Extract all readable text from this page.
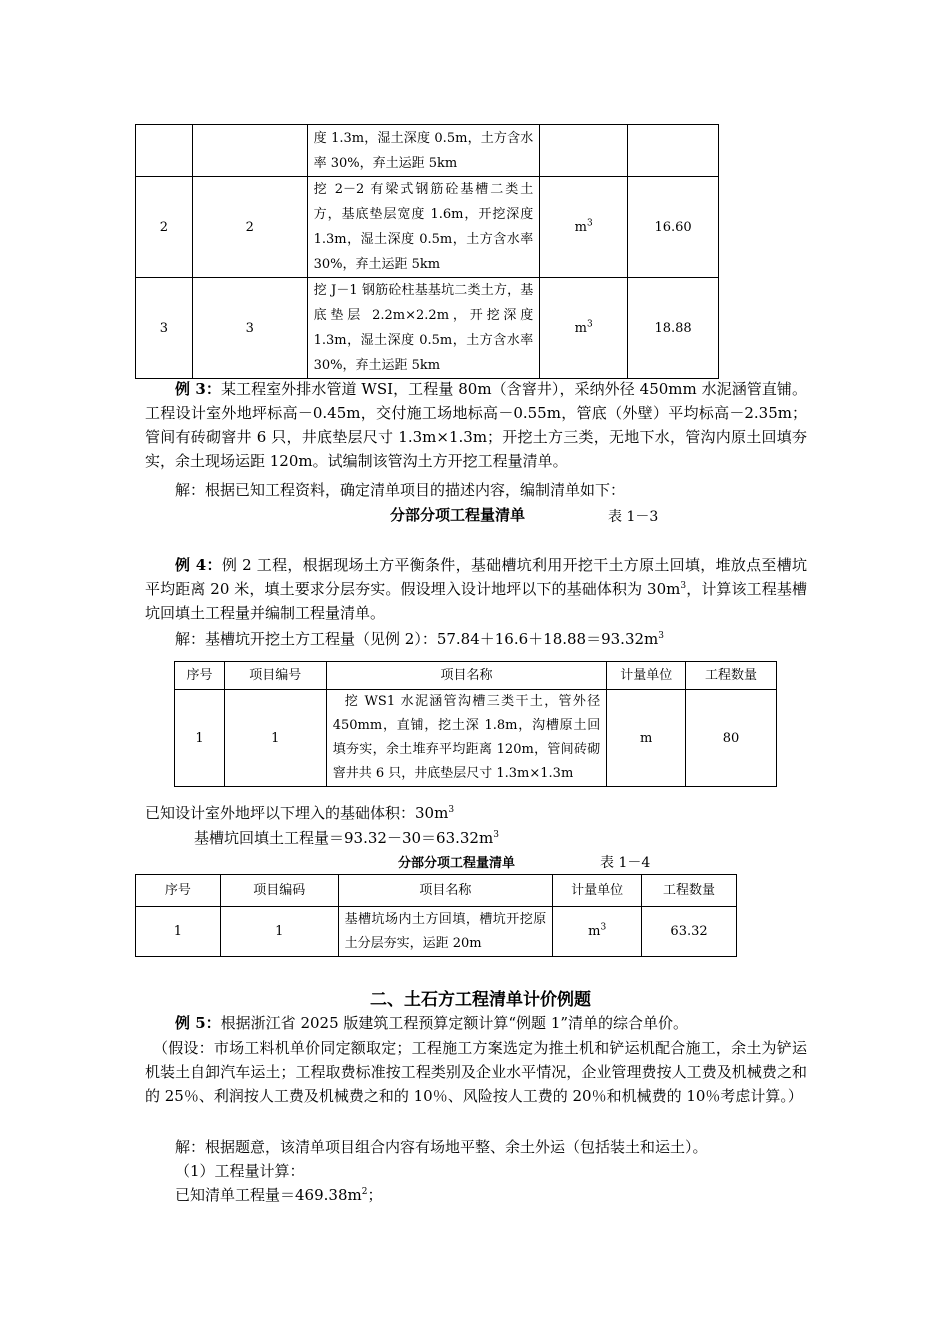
		度 1.3m，湿土深度 0.5m，土方含水率 30%，弃土运距 5km		
2	2	挖 2－2 有梁式钢筋砼基槽二类土方，基底垫层宽度 1.6m，开挖深度 1.3m，湿土深度 0.5m，土方含水率 30%，弃土运距 5km	$m^3$	16.60
3	3	挖 J－1 钢筋砼柱基基坑二类土方，基底垫层 2.2m×2.2m，开挖深度 1.3m，湿土深度 0.5m，土方含水率 30%，弃土运距 5km	$m^3$	18.88
例 3：某工程室外排水管道 WSI，工程量 80m（含窨井），采纳外径 450mm 水泥涵管直铺。工程设计室外地坪标高－0.45m，交付施工场地标高－0.55m，管底（外壁）平均标高－2.35m；管间有砖砌窨井 6 只，井底垫层尺寸 1.3m×1.3m；开挖土方三类，无地下水，管沟内原土回填夯实，余土现场运距 120m。试编制该管沟土方开挖工程量清单。
解：根据已知工程资料，确定清单项目的描述内容，编制清单如下：
分部分项工程量清单	表 1－3
例 4：例 2 工程，根据现场土方平衡条件，基础槽坑利用开挖干土方原土回填，堆放点至槽坑平均距离 20 米，填土要求分层夯实。假设埋入设计地坪以下的基础体积为 $30m^3$，计算该工程基槽坑回填土工程量并编制工程量清单。
解：基槽坑开挖土方工程量（见例 2）：$57.84+16.6+18.88=93.32m^3$
序号	项目编号	项目名称	计量单位	工程数量
1	1	挖 WS1 水泥涵管沟槽三类干土，管外径 450mm，直铺，挖土深 1.8m，沟槽原土回填夯实，余土堆弃平均距离 120m，管间砖砌窨井共 6 只，井底垫层尺寸 1.3m×1.3m	m	80
已知设计室外地坪以下埋入的基础体积：$30m^3$
基槽坑回填土工程量$=93.32-30=63.32m^3$
分部分项工程量清单	表 1－4
序号	项目编码	项目名称	计量单位	工程数量
1	1	基槽坑场内土方回填，槽坑开挖原土分层夯实，运距 20m	$m^3$	63.32
二、土石方工程清单计价例题
例 5：根据浙江省 2025 版建筑工程预算定额计算“例题 1”清单的综合单价。
（假设：市场工料机单价同定额取定；工程施工方案选定为推土机和铲运机配合施工，余土为铲运机装土自卸汽车运土；工程取费标准按工程类别及企业水平情况，企业管理费按人工费及机械费之和的 25％、利润按人工费及机械费之和的 10％、风险按人工费的 20％和机械费的 10％考虑计算。）
解：根据题意，该清单项目组合内容有场地平整、余土外运（包括装土和运土）。
（1）工程量计算：
已知清单工程量$=469.38m^2$；
